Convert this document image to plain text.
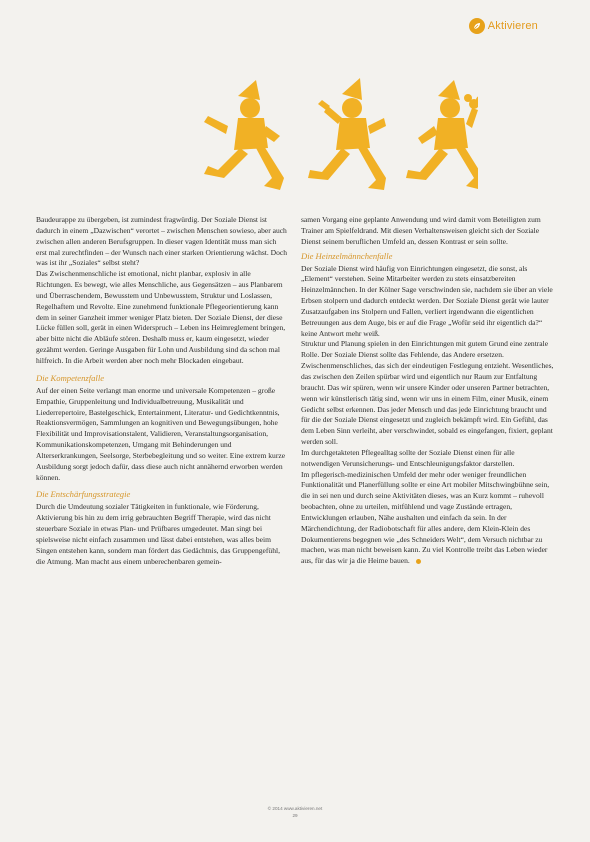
Aktivieren

Baudeurappe zu übergeben, ist zumindest fragwürdig. Der Soziale Dienst ist dadurch in einem „Dazwischen“ verortet – zwischen Menschen sowieso, aber auch zwischen allen anderen Berufsgruppen. In dieser vagen Identität muss man sich erst mal zurechtfinden – der Wunsch nach einer starken Orientierung wächst. Doch was ist ihr „Soziales“ selbst steht?

Das Zwischenmenschliche ist emotional, nicht planbar, explosiv in alle Richtungen. Es bewegt, wie alles Menschliche, aus Gegensätzen – aus Planbarem und Überraschendem, Bewusstem und Unbewusstem, Struktur und Loslassen, Regelhaftem und Revolte. Eine zunehmend funktionale Pflegeorientierung kann dem in seiner Ganzheit immer weniger Platz bieten. Der Soziale Dienst, der diese Lücke füllen soll, gerät in einen Widerspruch – Leben ins Heimreglement bringen, aber bitte nicht die Abläufe stören. Deshalb muss er, kaum eingesetzt, wieder gezähmt werden. Geringe Ausgaben für Lohn und Ausbildung sind da schon mal hilfreich. In die Arbeit werden aber noch mehr Blockaden eingebaut.

Die Kompetenzfalle

Auf der einen Seite verlangt man enorme und universale Kompetenzen – große Empathie, Gruppenleitung und Individualbetreuung, Musikalität und Liederrepertoire, Bastelgeschick, Entertainment, Literatur- und Gedichtkenntnis, Reaktionsvermögen, Sammlungen an kognitiven und Bewegungsübungen, hohe Flexibilität und Improvisationstalent, Validieren, Veranstaltungsorganisation, Kommunikationskompetenzen, Umgang mit Behinderungen und Alterserkrankungen, Seelsorge, Sterbebegleitung und so weiter. Eine extrem kurze Ausbildung sorgt jedoch dafür, dass diese auch nicht annähernd erworben werden können.

Die Entschärfungsstrategie

Durch die Umdeutung sozialer Tätigkeiten in funktionale, wie Förderung, Aktivierung bis hin zu dem irrig gebrauchten Begriff Therapie, wird das nicht steuerbare Soziale in etwas Plan- und Prüfbares umgedeutet. Man singt bei spielsweise nicht einfach zusammen und lässt dabei entstehen, was alles beim Singen entstehen kann, sondern man fördert das Gedächtnis, das Gruppengefühl, die Atmung. Man macht aus einem unberechenbaren gemein-

samen Vorgang eine geplante Anwendung und wird damit vom Beteiligten zum Trainer am Spielfeldrand. Mit diesen Verhaltensweisen gleicht sich der Soziale Dienst seinem beruflichen Umfeld an, dessen Kontrast er sein sollte.

Die Heinzelmännchenfalle

Der Soziale Dienst wird häufig von Einrichtungen eingesetzt, die sonst, als „Element“ verstehen. Seine Mitarbeiter werden zu stets einsatzbereiten Heinzelmännchen. In der Kölner Sage verschwinden sie, nachdem sie über an viele Erbsen stolpern und dadurch entdeckt werden. Der Soziale Dienst gerät wie lauter Zusatzaufgaben ins Stolpern und Fallen, verliert irgendwann die eigentlichen Betreuungen aus dem Auge, bis er auf die Frage „Wofür seid ihr eigentlich da?“ keine Antwort mehr weiß.

Struktur und Planung spielen in den Einrichtungen mit gutem Grund eine zentrale Rolle. Der Soziale Dienst sollte das Fehlende, das Andere ersetzen. Zwischenmenschliches, das sich der eindeutigen Festlegung entzieht. Wesentliches, das zwischen den Zeilen spürbar wird und eigentlich nur Raum zur Entfaltung braucht. Das wir spüren, wenn wir unsere Kinder oder unseren Partner betrachten, wenn wir künstlerisch tätig sind, wenn wir uns in einem Film, einer Musik, einem Gedicht selbst erkennen. Das jeder Mensch und das jede Einrichtung braucht und für die der Soziale Dienst eingesetzt und zugleich bekämpft wird. Ein Gefühl, das dem Leben Sinn verleiht, aber verschwindet, sobald es eingefangen, fixiert, geplant werden soll.

Im durchgetakteten Pflegealltag sollte der Soziale Dienst einen für alle notwendigen Verunsicherungs- und Entschleunigungsfaktor darstellen.

Im pflegerisch-medizinischen Umfeld der mehr oder weniger freundlichen Funktionalität und Planerfüllung sollte er eine Art mobiler Mitschwingbühne sein, die in sei nen und durch seine Aktivitäten dieses, was an Kurz kommt – ruhevoll beobachten, ohne zu urteilen, mitfühlend und vage Zustände ertragen, Entwicklungen erlauben, Nähe aushalten und einfach da sein. In der Märchendichtung, der Radiobotschaft für alles andere, dem Klein-Klein des Dokumentierens begegnen wie „des Schneiders Welt“, dem Versuch nichtbar zu machen, was man nicht beweisen kann. Zu viel Kontrolle treibt das Leben wieder aus, für das wir ja die Heime bauen.

© 2014 www.aktivieren.net
29
